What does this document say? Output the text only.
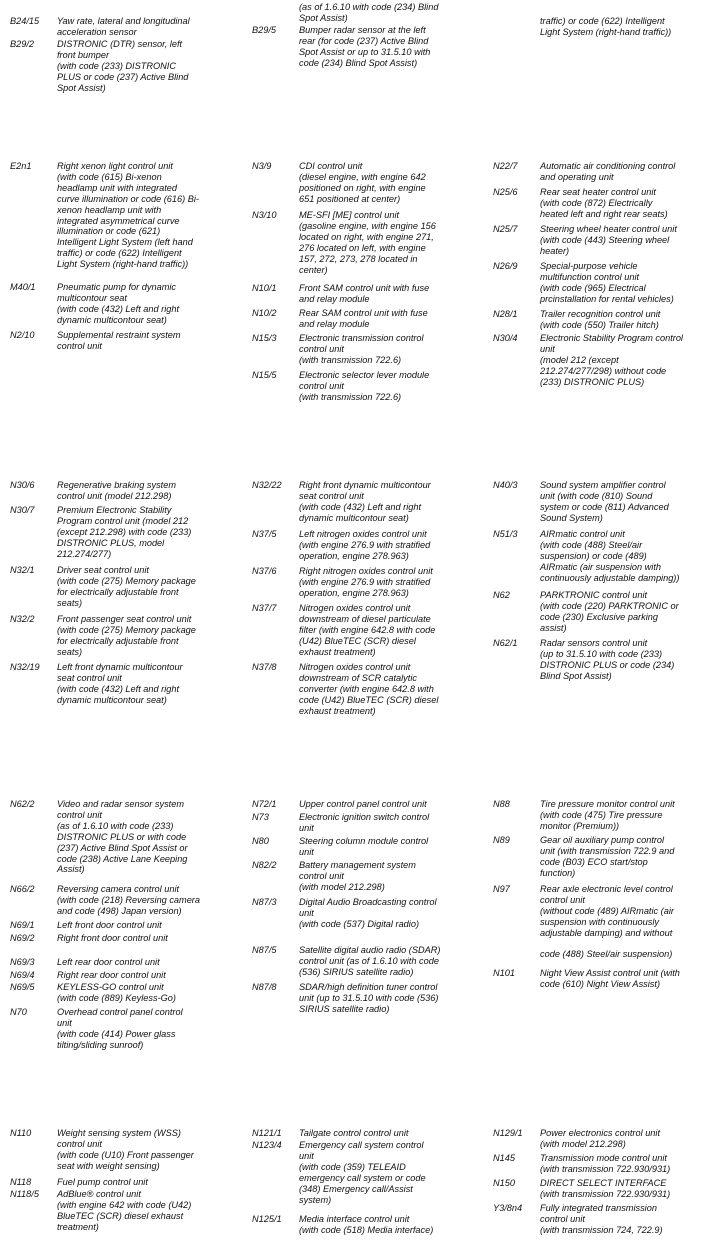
B24/15	Yaw rate, lateral and longitudinal
acceleration sensor
B29/2	DISTRONIC (DTR) sensor, left
front bumper
(with code (233) DISTRONIC
PLUS or code (237) Active Blind
Spot Assist)
(as of 1.6.10 with code (234) Blind
Spot Assist)
B29/5	Bumper radar sensor at the left
rear (for code (237) Active Blind
Spot Assist or up to 31.5.10 with
code (234) Blind Spot Assist)
traffic) or code (622) Intelligent
Light System (right-hand traffic))
E2n1	Right xenon light control unit
(with code (615) Bi-xenon
headlamp unit with integrated
curve illumination or code (616) Bi-
xenon headlamp unit with
integrated asymmetrical curve
illumination or code (621)
Intelligent Light System (left hand
traffic) or code (622) Intelligent
Light System (right-hand traffic))
M40/1	Pneumatic pump for dynamic
multicontour seat
(with code (432) Left and right
dynamic multicontour seat)
N2/10	Supplemental restraint system
control unit
N3/9	CDI control unit
(diesel engine, with engine 642
positioned on right, with engine
651 positioned at center)
N3/10	ME-SFI [ME] control unit
(gasoline engine, with engine 156
located on right, with engine 271,
276 located on left, with engine
157, 272, 273, 278 located in
center)
N10/1	Front SAM control unit with fuse
and relay module
N10/2	Rear SAM control unit with fuse
and relay module
N15/3	Electronic transmission control
control unit
(with transmission 722.6)
N15/5	Electronic selector lever module
control unit
(with transmission 722.6)
N22/7	Automatic air conditioning control
and operating unit
N25/6	Rear seat heater control unit
(with code (872) Electrically
heated left and right rear seats)
N25/7	Steering wheel heater control unit
(with code (443) Steering wheel
heater)
N26/9	Special-purpose vehicle
multifunction control unit
(with code (965) Electrical
prcinstallation for rental vehicles)
N28/1	Trailer recognition control unit
(with code (550) Trailer hitch)
N30/4	Electronic Stability Program control
unit
(model 212 (except
212.274/277/298) without code
(233) DISTRONIC PLUS)
N30/6	Regenerative braking system
control unit (model 212.298)
N30/7	Premium Electronic Stability
Program control unit (model 212
(except 212.298) with code (233)
DISTRONIC PLUS, model
212.274/277)
N32/1	Driver seat control unit
(with code (275) Memory package
for electrically adjustable front
seats)
N32/2	Front passenger seat control unit
(with code (275) Memory package
for electrically adjustable front
seats)
N32/19	Left front dynamic multicontour
seat control unit
(with code (432) Left and right
dynamic multicontour seat)
N32/22	Right front dynamic multicontour
seat control unit
(with code (432) Left and right
dynamic multicontour seat)
N37/5	Left nitrogen oxides control unit
(with engine 276.9 with stratified
operation, engine 278.963)
N37/6	Right nitrogen oxides control unit
(with engine 276.9 with stratified
operation, engine 278.963)
N37/7	Nitrogen oxides control unit
downstream of diesel particulate
filter (with engine 642.8 with code
(U42) BlueTEC (SCR) diesel
exhaust treatment)
N37/8	Nitrogen oxides control unit
downstream of SCR catalytic
converter (with engine 642.8 with
code (U42) BlueTEC (SCR) diesel
exhaust treatment)
N40/3	Sound system amplifier control
unit (with code (810) Sound
system or code (811) Advanced
Sound System)
N51/3	AIRmatic control unit
(with code (488) Steel/air
suspension) or code (489)
AIRmatic (air suspension with
continuously adjustable damping))
N62	PARKTRONIC control unit
(with code (220) PARKTRONIC or
code (230) Exclusive parking
assist)
N62/1	Radar sensors control unit
(up to 31.5.10 with code (233)
DISTRONIC PLUS or code (234)
Blind Spot Assist)
N62/2	Video and radar sensor system
control unit
(as of 1.6.10 with code (233)
DISTRONIC PLUS or with code
(237) Active Blind Spot Assist or
code (238) Active Lane Keeping
Assist)
N66/2	Reversing camera control unit
(with code (218) Reversing camera
and code (498) Japan version)
N69/1	Left front door control unit
N69/2	Right front door control unit
N69/3	Left rear door control unit
N69/4	Right rear door control unit
N69/5	KEYLESS-GO control unit
(with code (889) Keyless-Go)
N70	Overhead control panel control
unit
(with code (414) Power glass
tilting/sliding sunroof)
N72/1	Upper control panel control unit
N73	Electronic ignition switch control
unit
N80	Steering column module control
unit
N82/2	Battery management system
control unit
(with model 212.298)
N87/3	Digital Audio Broadcasting control
unit
(with code (537) Digital radio)
N87/5	Satellite digital audio radio (SDAR)
control unit (as of 1.6.10 with code
(536) SIRIUS satellite radio)
N87/8	SDAR/high definition tuner control
unit (up to 31.5.10 with code (536)
SIRIUS satellite radio)
N88	Tire pressure monitor control unit
(with code (475) Tire pressure
monitor (Premium))
N89	Gear oil auxiliary pump control
unit (with transmission 722.9 and
code (B03) ECO start/stop
function)
N97	Rear axle electronic level control
control unit
(without code (489) AIRmatic (air
suspension with continuously
adjustable damping) and without

code (488) Steel/air suspension)
N101	Night View Assist control unit (with
code (610) Night View Assist)
N110	Weight sensing system (WSS)
control unit
(with code (U10) Front passenger
seat with weight sensing)
N118	Fuel pump control unit
N118/5	AdBlue® control unit
(with engine 642 with code (U42)
BlueTEC (SCR) diesel exhaust
treatment)
N121/1	Tailgate control control unit
N123/4	Emergency call system control
unit
(with code (359) TELEAID
emergency call system or code
(348) Emergency call/Assist
system)
N125/1	Media interface control unit
(with code (518) Media interface)
N129/1	Power electronics control unit
(with model 212.298)
N145	Transmission mode control unit
(with transmission 722.930/931)
N150	DIRECT SELECT INTERFACE
(with transmission 722.930/931)
Y3/8n4	Fully integrated transmission
control unit
(with transmission 724, 722.9)
